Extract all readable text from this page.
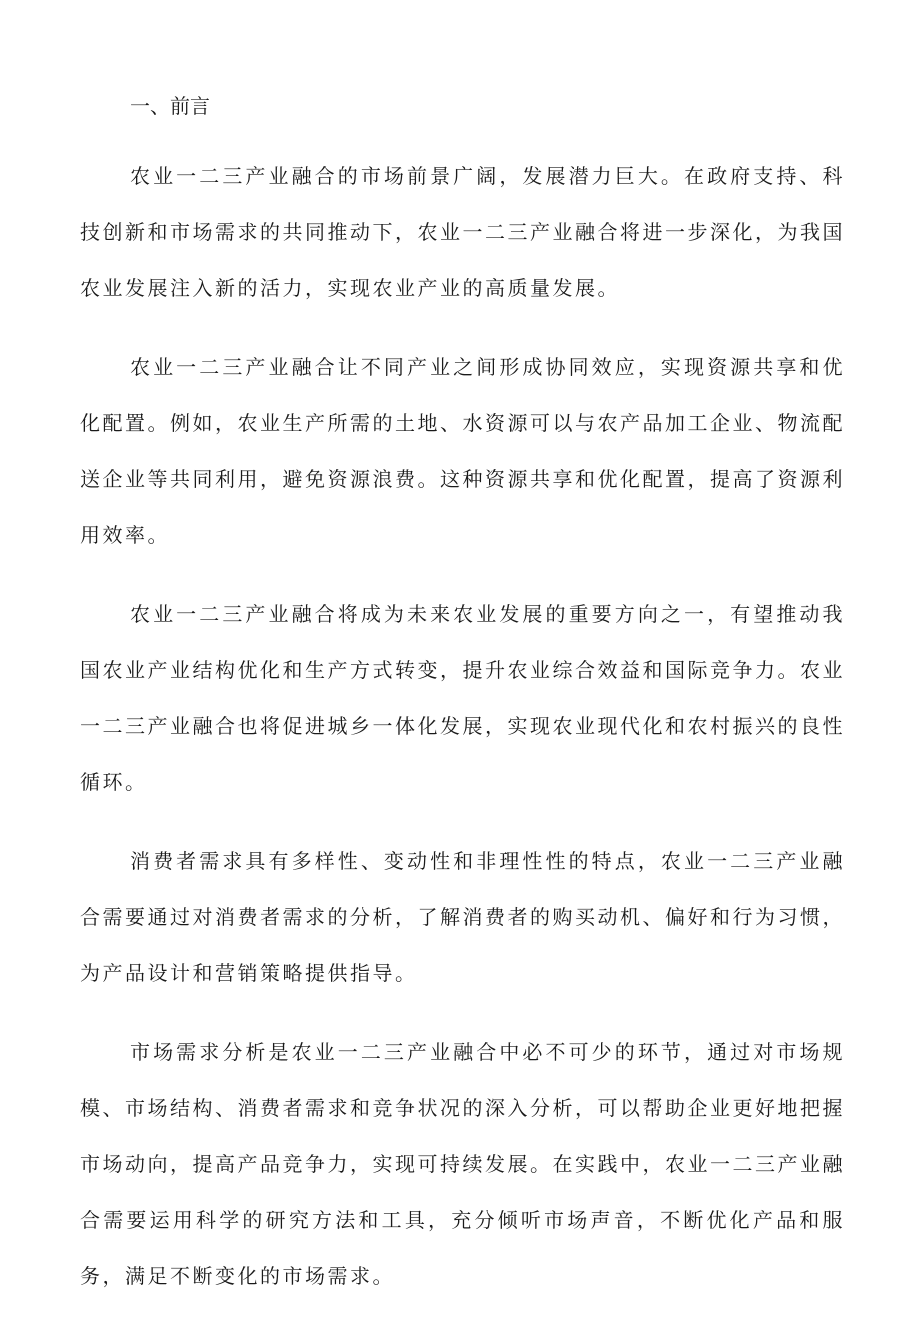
一、前言

农业一二三产业融合的市场前景广阔，发展潜力巨大。在政府支持、科技创新和市场需求的共同推动下，农业一二三产业融合将进一步深化，为我国农业发展注入新的活力，实现农业产业的高质量发展。

农业一二三产业融合让不同产业之间形成协同效应，实现资源共享和优化配置。例如，农业生产所需的土地、水资源可以与农产品加工企业、物流配送企业等共同利用，避免资源浪费。这种资源共享和优化配置，提高了资源利用效率。

农业一二三产业融合将成为未来农业发展的重要方向之一，有望推动我国农业产业结构优化和生产方式转变，提升农业综合效益和国际竞争力。农业一二三产业融合也将促进城乡一体化发展，实现农业现代化和农村振兴的良性循环。

消费者需求具有多样性、变动性和非理性性的特点，农业一二三产业融合需要通过对消费者需求的分析，了解消费者的购买动机、偏好和行为习惯，为产品设计和营销策略提供指导。

市场需求分析是农业一二三产业融合中必不可少的环节，通过对市场规模、市场结构、消费者需求和竞争状况的深入分析，可以帮助企业更好地把握市场动向，提高产品竞争力，实现可持续发展。在实践中，农业一二三产业融合需要运用科学的研究方法和工具，充分倾听市场声音，不断优化产品和服务，满足不断变化的市场需求。
